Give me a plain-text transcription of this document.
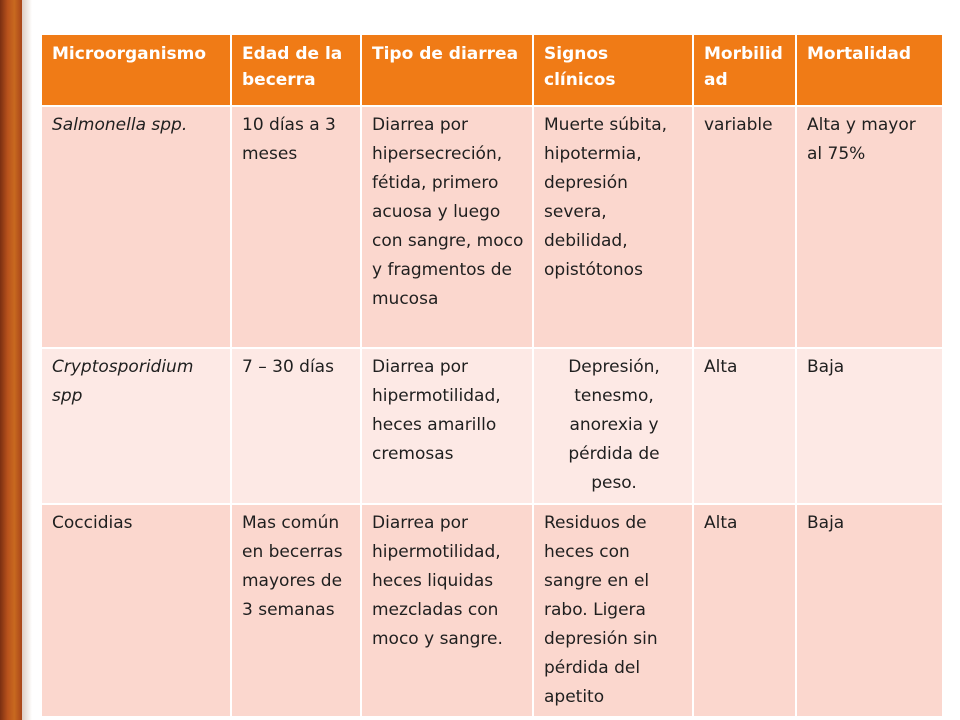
Microorganismo	Edad de la becerra	Tipo de diarrea	Signos clínicos	Morbilid ad	Mortalidad
Salmonella spp.	10 días a 3 meses	Diarrea por hipersecreción, fétida, primero acuosa y luego con sangre, moco y fragmentos de mucosa	Muerte súbita, hipotermia, depresión severa, debilidad, opistótonos	variable	Alta y mayor al 75%
Cryptosporidium spp	7 – 30 días	Diarrea por hipermotilidad, heces amarillo cremosas	Depresión, tenesmo, anorexia y pérdida de peso.	Alta	Baja
Coccidias	Mas común en becerras mayores de 3 semanas	Diarrea por hipermotilidad, heces liquidas mezcladas con moco y sangre.	Residuos de heces con sangre en el rabo. Ligera depresión sin pérdida del apetito	Alta	Baja
